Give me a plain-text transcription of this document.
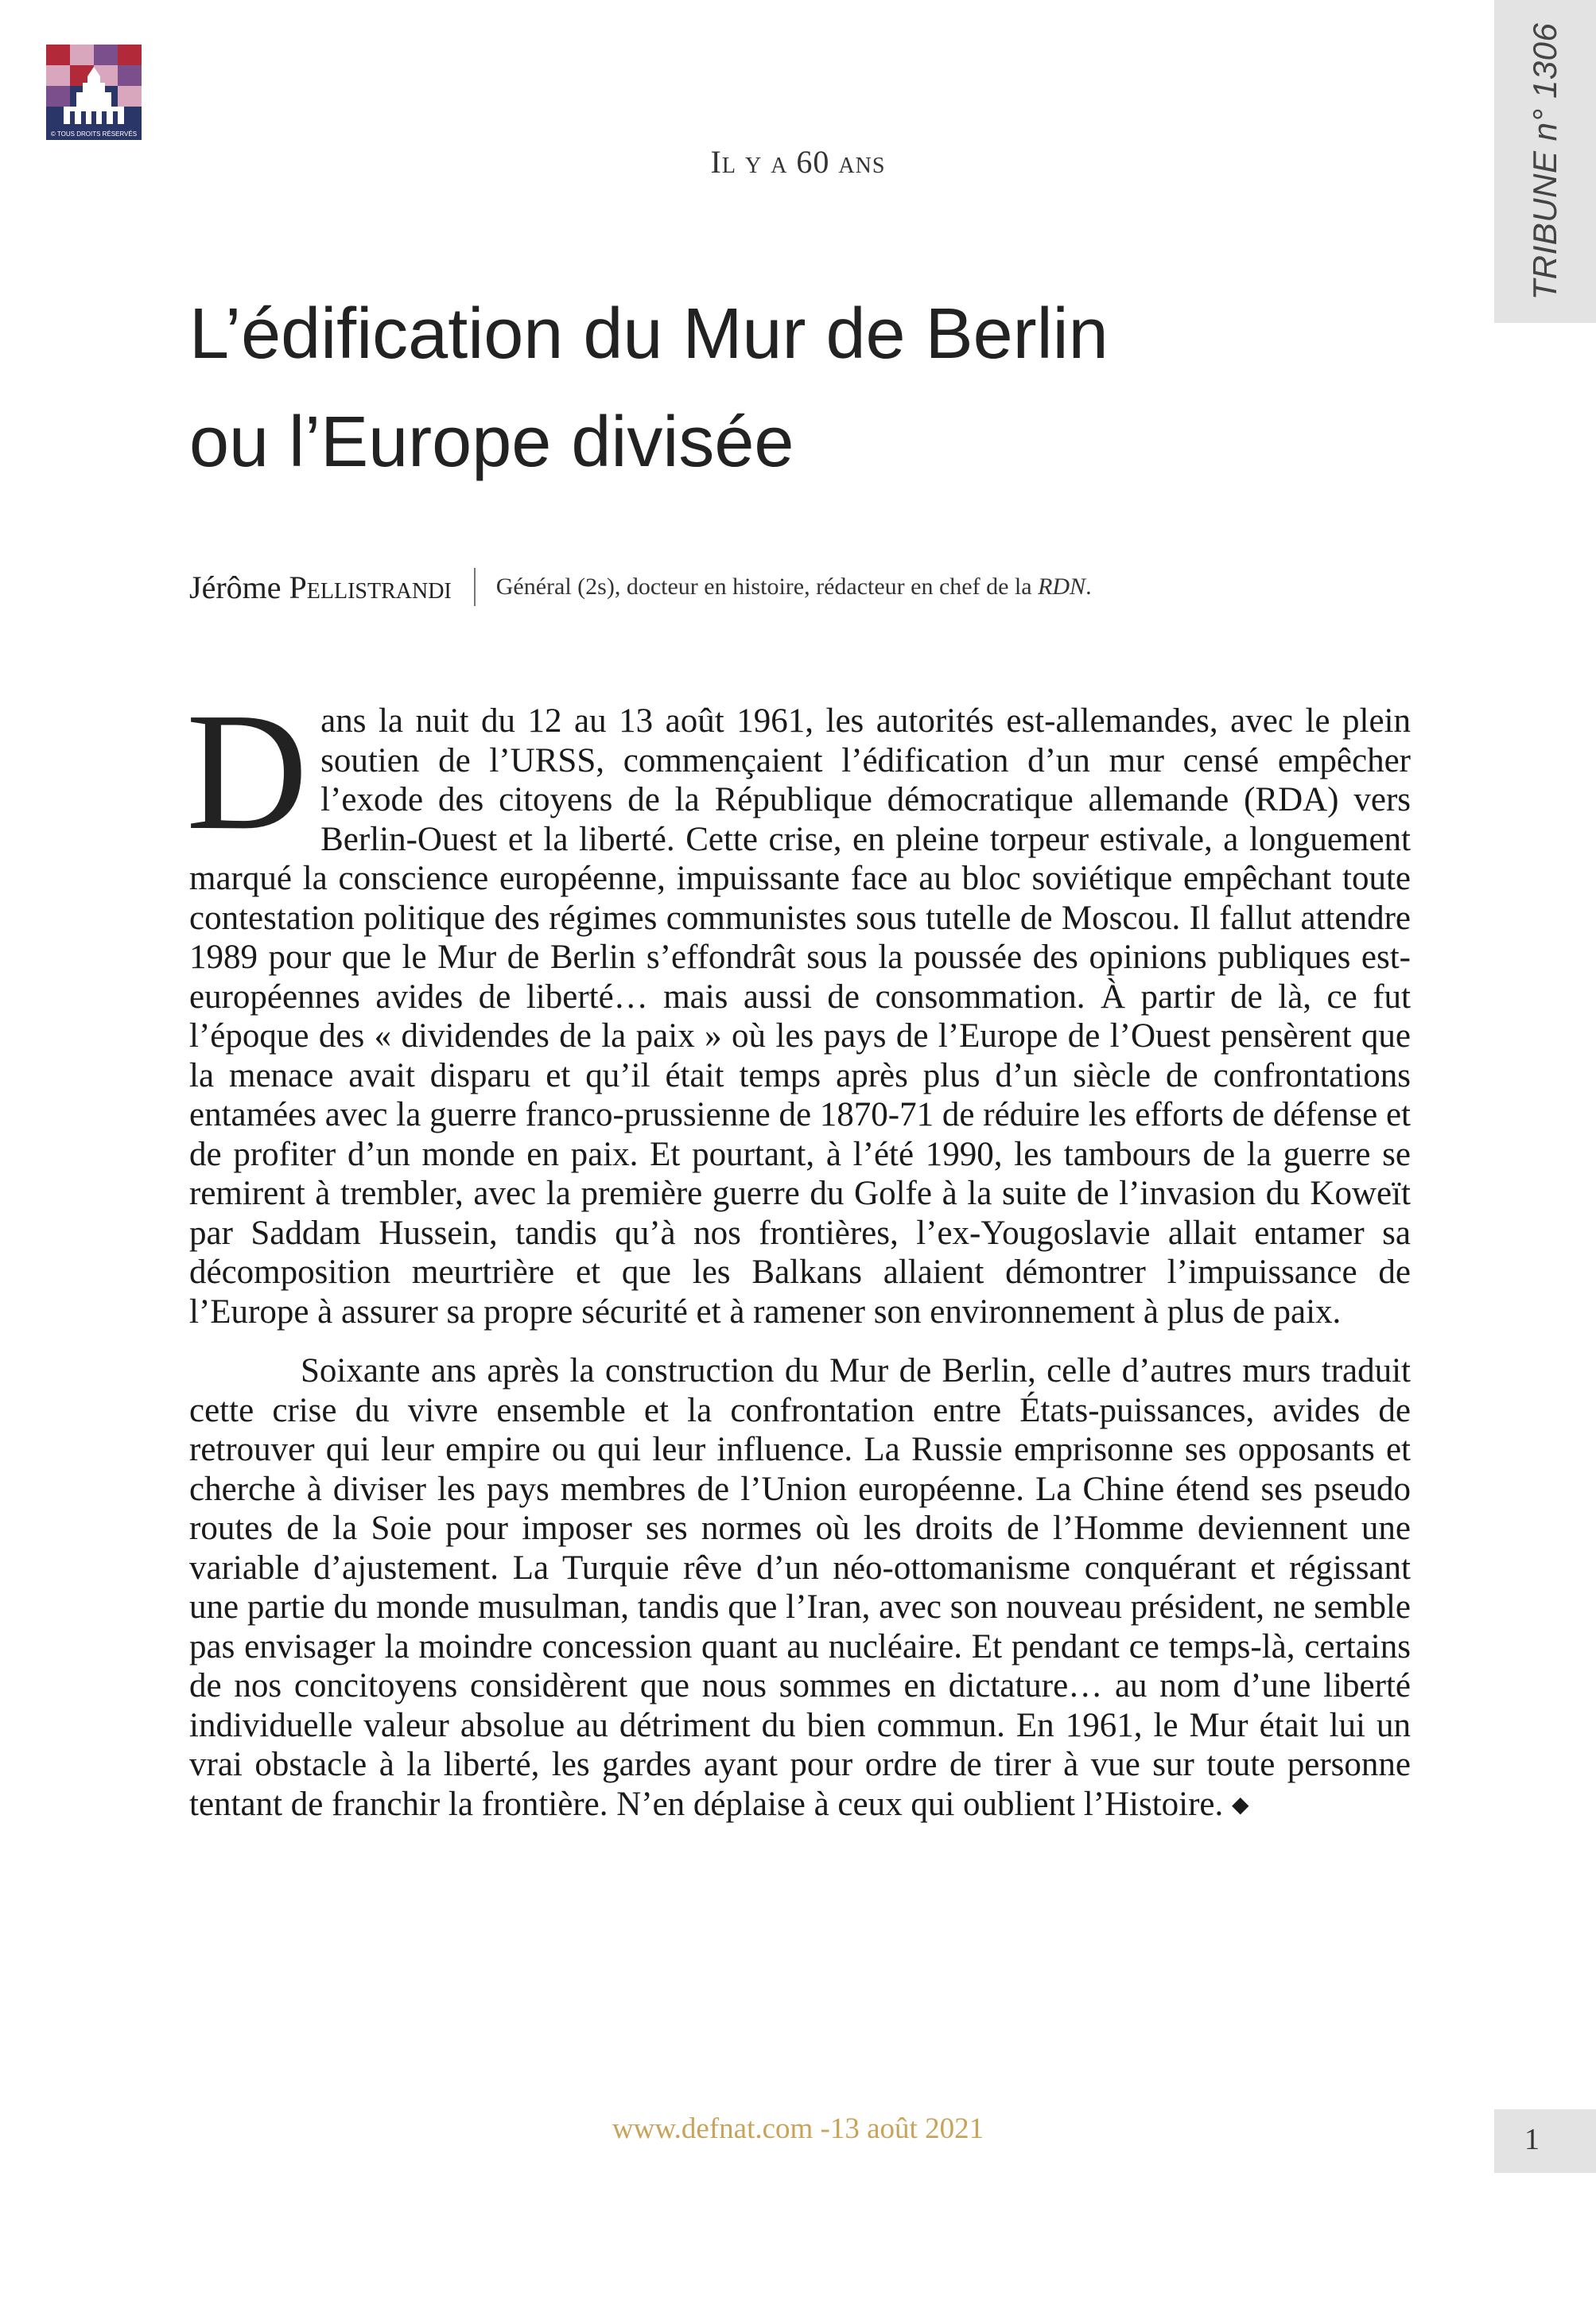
© TOUS DROITS RÉSERVÉS	TRIBUNE n° 1306
Il y a 60 ans
L’édification du Mur de Berlin
ou l’Europe divisée
Jérôme Pellistrandi Général (2s), docteur en histoire, rédacteur en chef de la RDN.

Dans la nuit du 12 au 13 août 1961, les autorités est-allemandes, avec le plein soutien de l’URSS, commençaient l’édification d’un mur censé empêcher l’exode des citoyens de la République démocratique allemande (RDA) vers Berlin-Ouest et la liberté. Cette crise, en pleine torpeur estivale, a longuement marqué la conscience européenne, impuissante face au bloc soviétique empêchant toute contestation politique des régimes communistes sous tutelle de Moscou. Il fallut attendre 1989 pour que le Mur de Berlin s’effondrât sous la poussée des opinions publiques est-européennes avides de liberté… mais aussi de consommation. À partir de là, ce fut l’époque des « dividendes de la paix » où les pays de l’Europe de l’Ouest pensèrent que la menace avait disparu et qu’il était temps après plus d’un siècle de confrontations entamées avec la guerre franco-prussienne de 1870-71 de réduire les efforts de défense et de profiter d’un monde en paix. Et pourtant, à l’été 1990, les tambours de la guerre se remirent à trembler, avec la première guerre du Golfe à la suite de l’invasion du Koweït par Saddam Hussein, tandis qu’à nos frontières, l’ex-Yougoslavie allait entamer sa décomposition meurtrière et que les Balkans allaient démontrer l’impuissance de l’Europe à assurer sa propre sécurité et à ramener son environnement à plus de paix.

Soixante ans après la construction du Mur de Berlin, celle d’autres murs traduit cette crise du vivre ensemble et la confrontation entre États-puissances, avides de retrouver qui leur empire ou qui leur influence. La Russie emprisonne ses opposants et cherche à diviser les pays membres de l’Union européenne. La Chine étend ses pseudo routes de la Soie pour imposer ses normes où les droits de l’Homme deviennent une variable d’ajustement. La Turquie rêve d’un néo-ottomanisme conquérant et régissant une partie du monde musulman, tandis que l’Iran, avec son nouveau président, ne semble pas envisager la moindre concession quant au nucléaire. Et pendant ce temps-là, certains de nos concitoyens considèrent que nous sommes en dictature… au nom d’une liberté individuelle valeur absolue au détriment du bien commun. En 1961, le Mur était lui un vrai obstacle à la liberté, les gardes ayant pour ordre de tirer à vue sur toute personne tentant de franchir la frontière. N’en déplaise à ceux qui oublient l’Histoire. ◆

www.defnat.com -13 août 2021	1
